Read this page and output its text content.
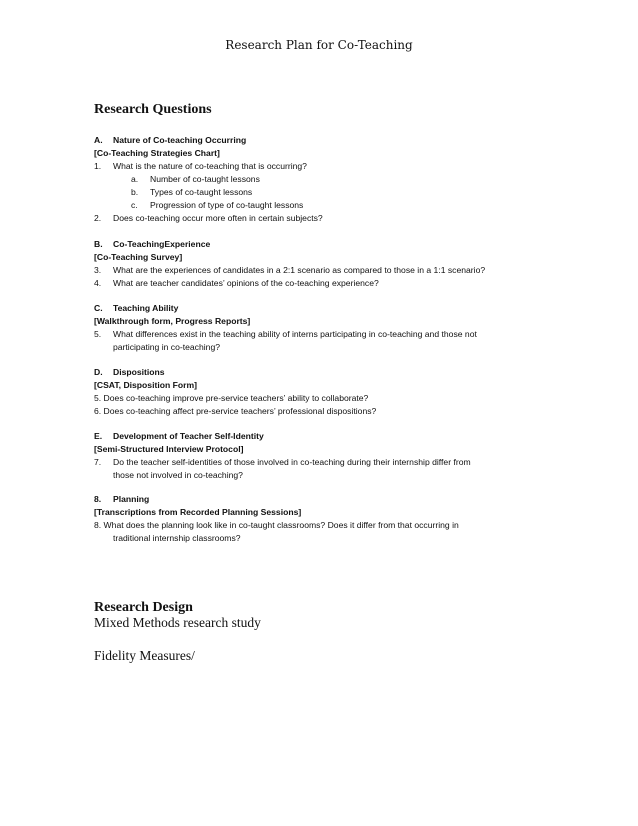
Research Plan for Co-Teaching
Research Questions
A. Nature of Co-teaching Occurring
[Co-Teaching Strategies Chart]
1. What is the nature of co-teaching that is occurring?
a. Number of co-taught lessons
b. Types of co-taught lessons
c. Progression of type of co-taught lessons
2. Does co-teaching occur more often in certain subjects?
B. Co-TeachingExperience
[Co-Teaching Survey]
3. What are the experiences of candidates in a 2:1 scenario as compared to those in a 1:1 scenario?
4. What are teacher candidates’ opinions of the co-teaching experience?
C. Teaching Ability
[Walkthrough form, Progress Reports]
5. What differences exist in the teaching ability of interns participating in co-teaching and those not
participating in co-teaching?
D. Dispositions
[CSAT, Disposition Form]
5. Does co-teaching improve pre-service teachers’ ability to collaborate?
6. Does co-teaching affect pre-service teachers’ professional dispositions?
E. Development of Teacher Self-Identity
[Semi-Structured Interview Protocol]
7. Do the teacher self-identities of those involved in co-teaching during their internship differ from
those not involved in co-teaching?
8. Planning
[Transcriptions from Recorded Planning Sessions]
8. What does the planning look like in co-taught classrooms? Does it differ from that occurring in
traditional internship classrooms?
Research Design
Mixed Methods research study
Fidelity Measures/
